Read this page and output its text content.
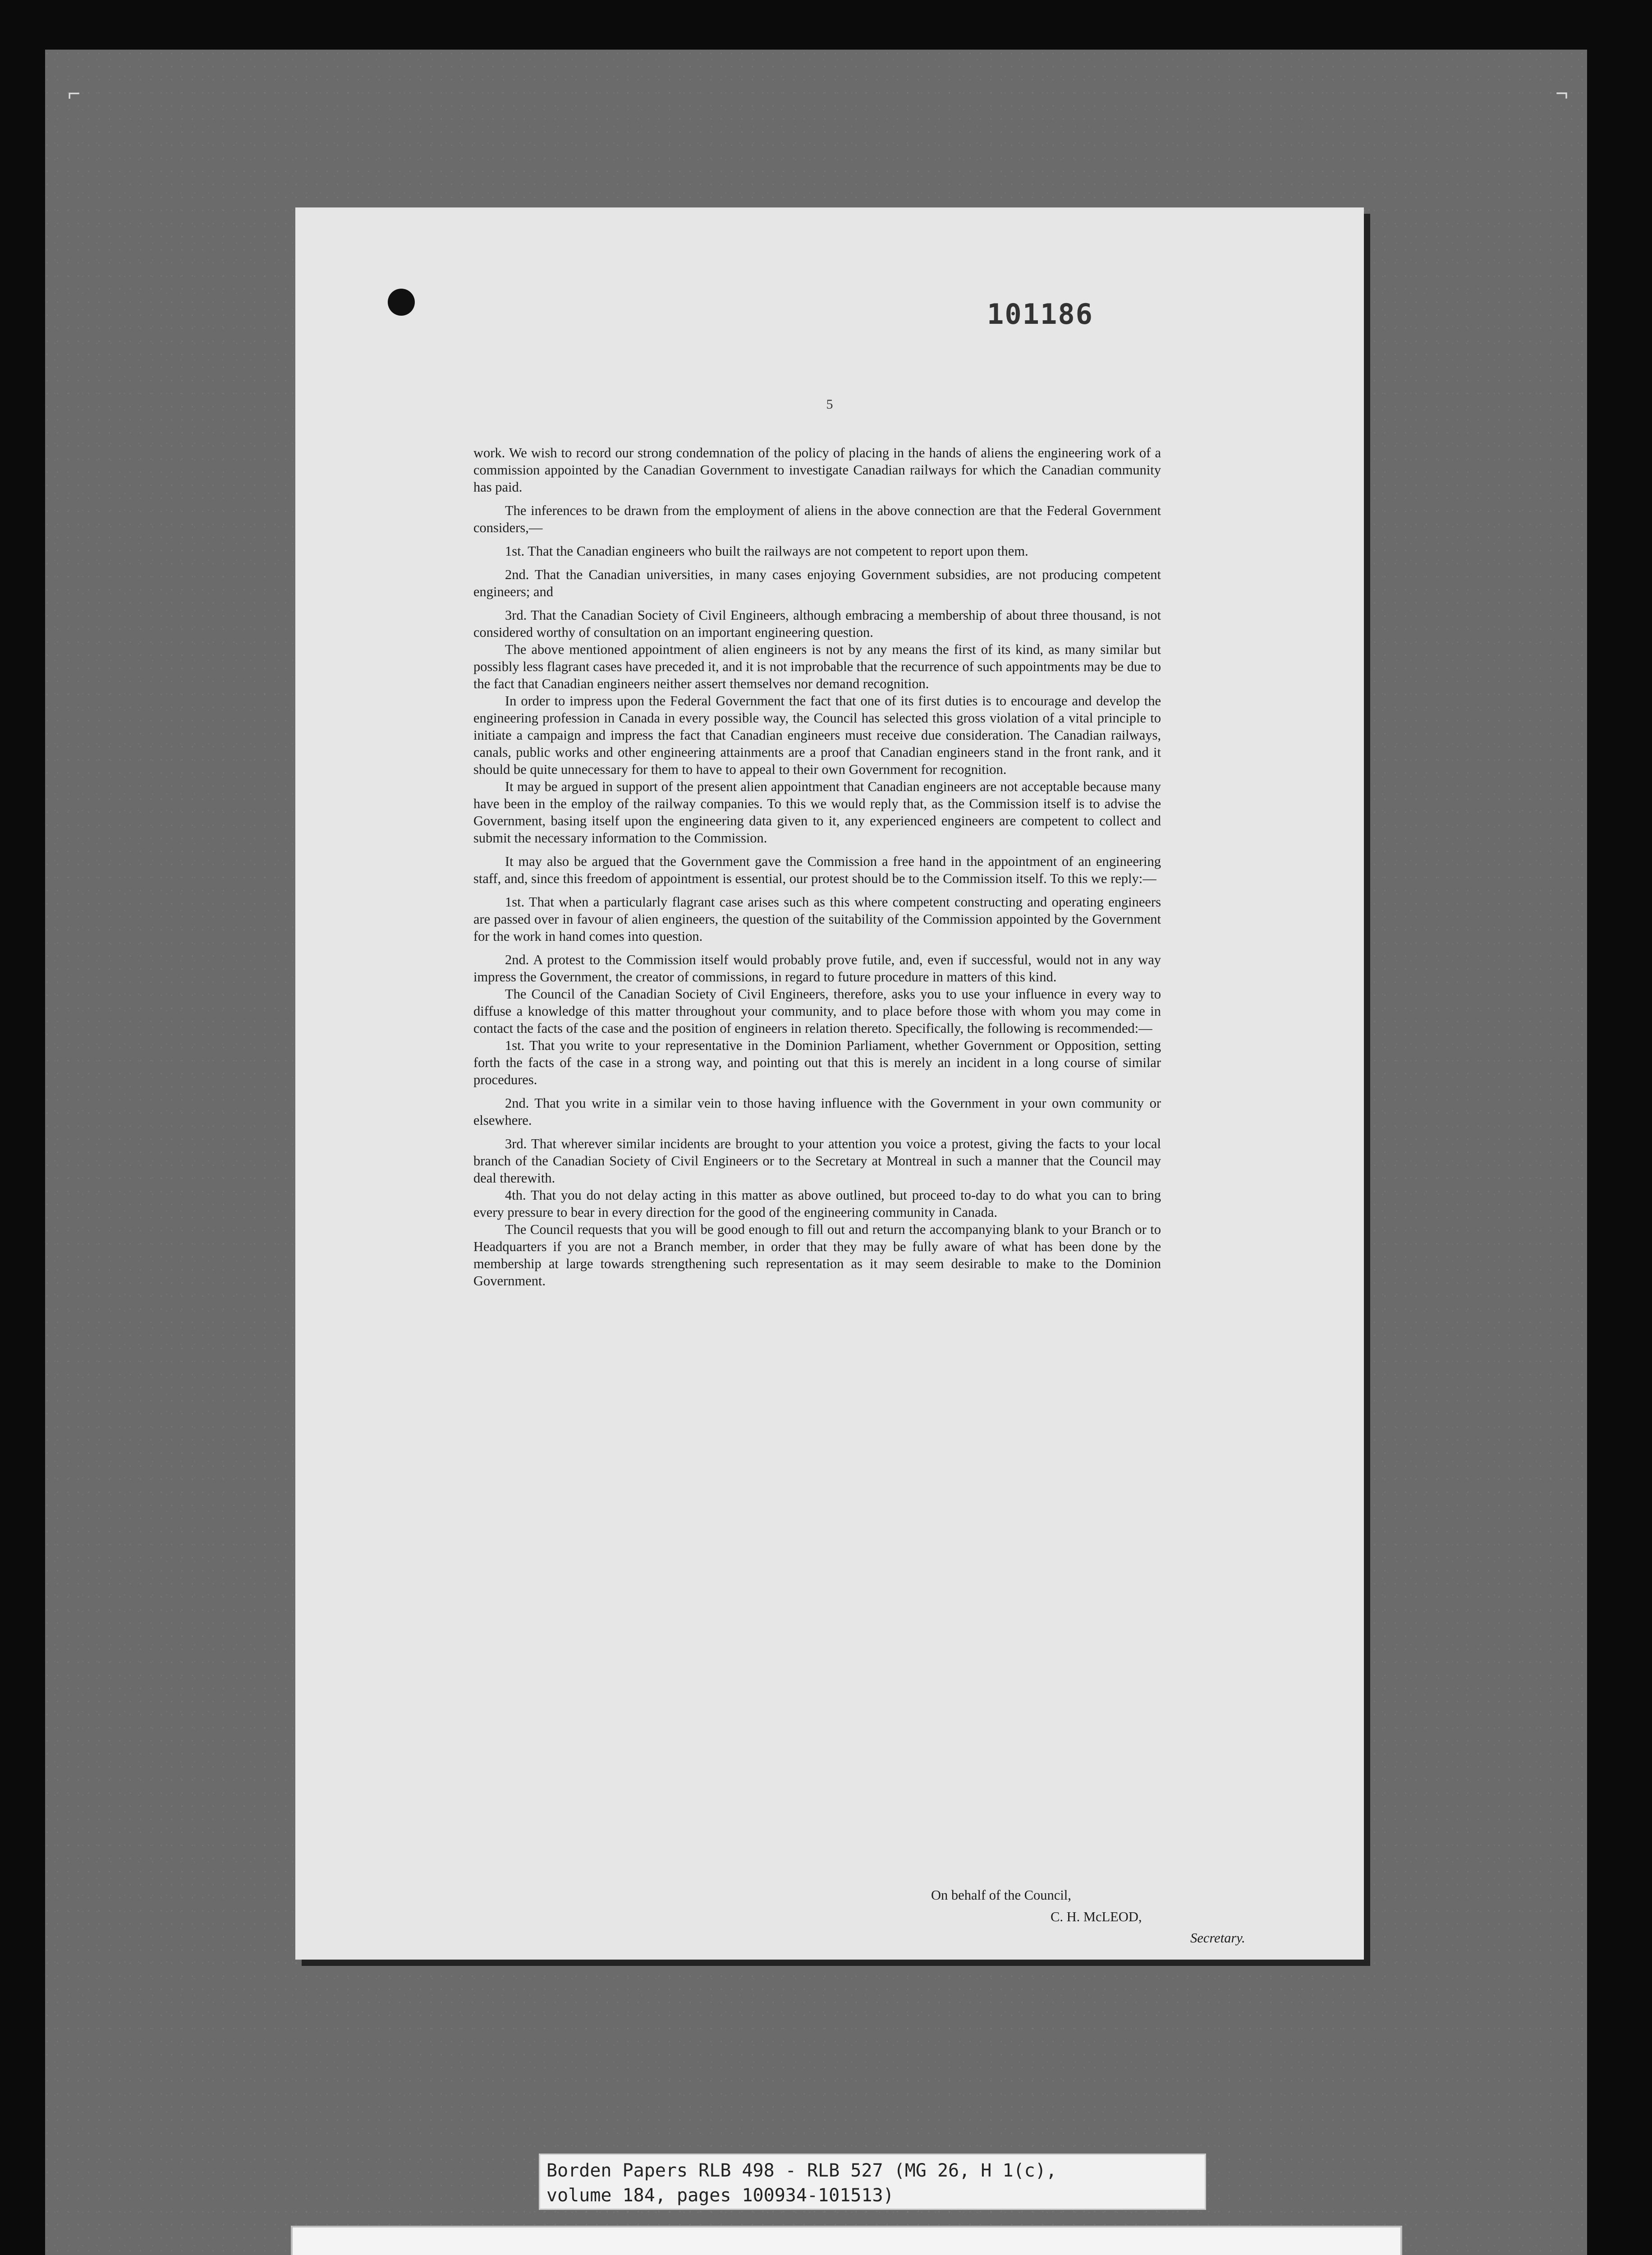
⌐	¬
101186
5

work. We wish to record our strong condemnation of the policy of placing in the hands of aliens the engineering work of a commission appointed by the Canadian Government to investigate Canadian railways for which the Canadian community has paid.

The inferences to be drawn from the employment of aliens in the above connection are that the Federal Government considers,—

1st. That the Canadian engineers who built the railways are not competent to report upon them.

2nd. That the Canadian universities, in many cases enjoying Government subsidies, are not producing competent engineers; and

3rd. That the Canadian Society of Civil Engineers, although embracing a membership of about three thousand, is not considered worthy of consultation on an important engineering question.

The above mentioned appointment of alien engineers is not by any means the first of its kind, as many similar but possibly less flagrant cases have preceded it, and it is not improbable that the recurrence of such appointments may be due to the fact that Canadian engineers neither assert themselves nor demand recognition.

In order to impress upon the Federal Government the fact that one of its first duties is to encourage and develop the engineering profession in Canada in every possible way, the Council has selected this gross violation of a vital principle to initiate a campaign and impress the fact that Canadian engineers must receive due consideration. The Canadian railways, canals, public works and other engineering attainments are a proof that Canadian engineers stand in the front rank, and it should be quite unnecessary for them to have to appeal to their own Government for recognition.

It may be argued in support of the present alien appointment that Canadian engineers are not acceptable because many have been in the employ of the railway companies. To this we would reply that, as the Commission itself is to advise the Government, basing itself upon the engineering data given to it, any experienced engineers are competent to collect and submit the necessary information to the Commission.

It may also be argued that the Government gave the Commission a free hand in the appointment of an engineering staff, and, since this freedom of appointment is essential, our protest should be to the Commission itself. To this we reply:—

1st. That when a particularly flagrant case arises such as this where competent constructing and operating engineers are passed over in favour of alien engineers, the question of the suitability of the Commission appointed by the Government for the work in hand comes into question.

2nd. A protest to the Commission itself would probably prove futile, and, even if successful, would not in any way impress the Government, the creator of commissions, in regard to future procedure in matters of this kind.

The Council of the Canadian Society of Civil Engineers, therefore, asks you to use your influence in every way to diffuse a knowledge of this matter throughout your community, and to place before those with whom you may come in contact the facts of the case and the position of engineers in relation thereto. Specifically, the following is recommended:—

1st. That you write to your representative in the Dominion Parliament, whether Government or Opposition, setting forth the facts of the case in a strong way, and pointing out that this is merely an incident in a long course of similar procedures.

2nd. That you write in a similar vein to those having influence with the Government in your own community or elsewhere.

3rd. That wherever similar incidents are brought to your attention you voice a protest, giving the facts to your local branch of the Canadian Society of Civil Engineers or to the Secretary at Montreal in such a manner that the Council may deal therewith.

4th. That you do not delay acting in this matter as above outlined, but proceed to-day to do what you can to bring every pressure to bear in every direction for the good of the engineering community in Canada.

The Council requests that you will be good enough to fill out and return the accompanying blank to your Branch or to Headquarters if you are not a Branch member, in order that they may be fully aware of what has been done by the membership at large towards strengthening such representation as it may seem desirable to make to the Dominion Government.

On behalf of the Council,
C. H. McLEOD,
Secretary.
Borden Papers RLB 498 - RLB 527 (MG 26, H 1(c),
volume 184, pages 100934-101513)
